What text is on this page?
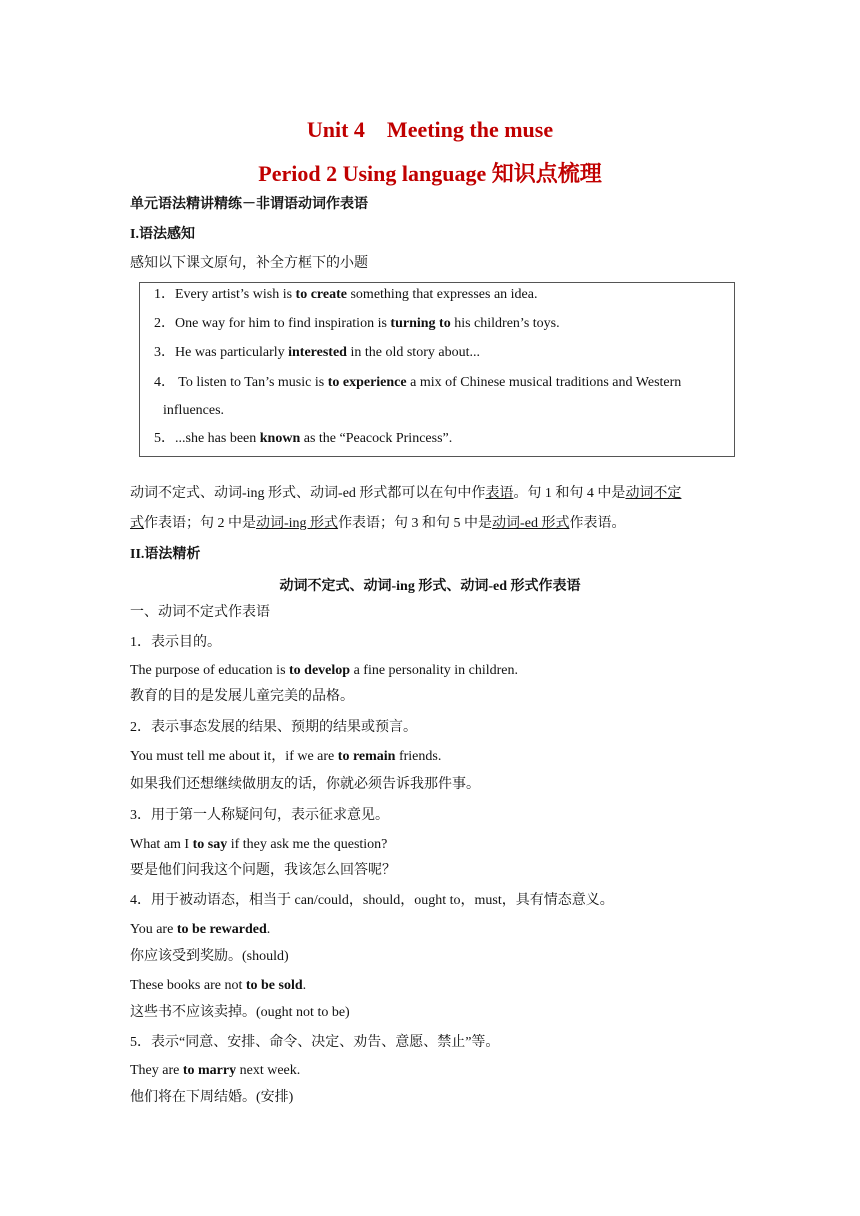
Unit 4　Meeting the muse
Period 2 Using language 知识点梳理
单元语法精讲精练－非谓语动词作表语
I.语法感知
感知以下课文原句，补全方框下的小题
1．Every artist’s wish is to create something that expresses an idea.
2．One way for him to find inspiration is turning to his children’s toys.
3．He was particularly interested in the old story about...
4． To listen to Tan’s music is to experience a mix of Chinese musical traditions and Western
influences.
5．...she has been known as the “Peacock Princess”.
动词不定式、动词-ing 形式、动词-ed 形式都可以在句中作表语。句 1 和句 4 中是动词不定
式作表语；句 2 中是动词-ing 形式作表语；句 3 和句 5 中是动词-ed 形式作表语。
II.语法精析
动词不定式、动词-ing 形式、动词-ed 形式作表语
一、动词不定式作表语
1．表示目的。
The purpose of education is to develop a fine personality in children.
教育的目的是发展儿童完美的品格。
2．表示事态发展的结果、预期的结果或预言。
You must tell me about it，if we are to remain friends.
如果我们还想继续做朋友的话，你就必须告诉我那件事。
3．用于第一人称疑问句，表示征求意见。
What am I to say if they ask me the question?
要是他们问我这个问题，我该怎么回答呢？
4．用于被动语态，相当于 can/could，should，ought to，must，具有情态意义。
You are to be rewarded.
你应该受到奖励。(should)
These books are not to be sold.
这些书不应该卖掉。(ought not to be)
5．表示“同意、安排、命令、决定、劝告、意愿、禁止”等。
They are to marry next week.
他们将在下周结婚。(安排)
